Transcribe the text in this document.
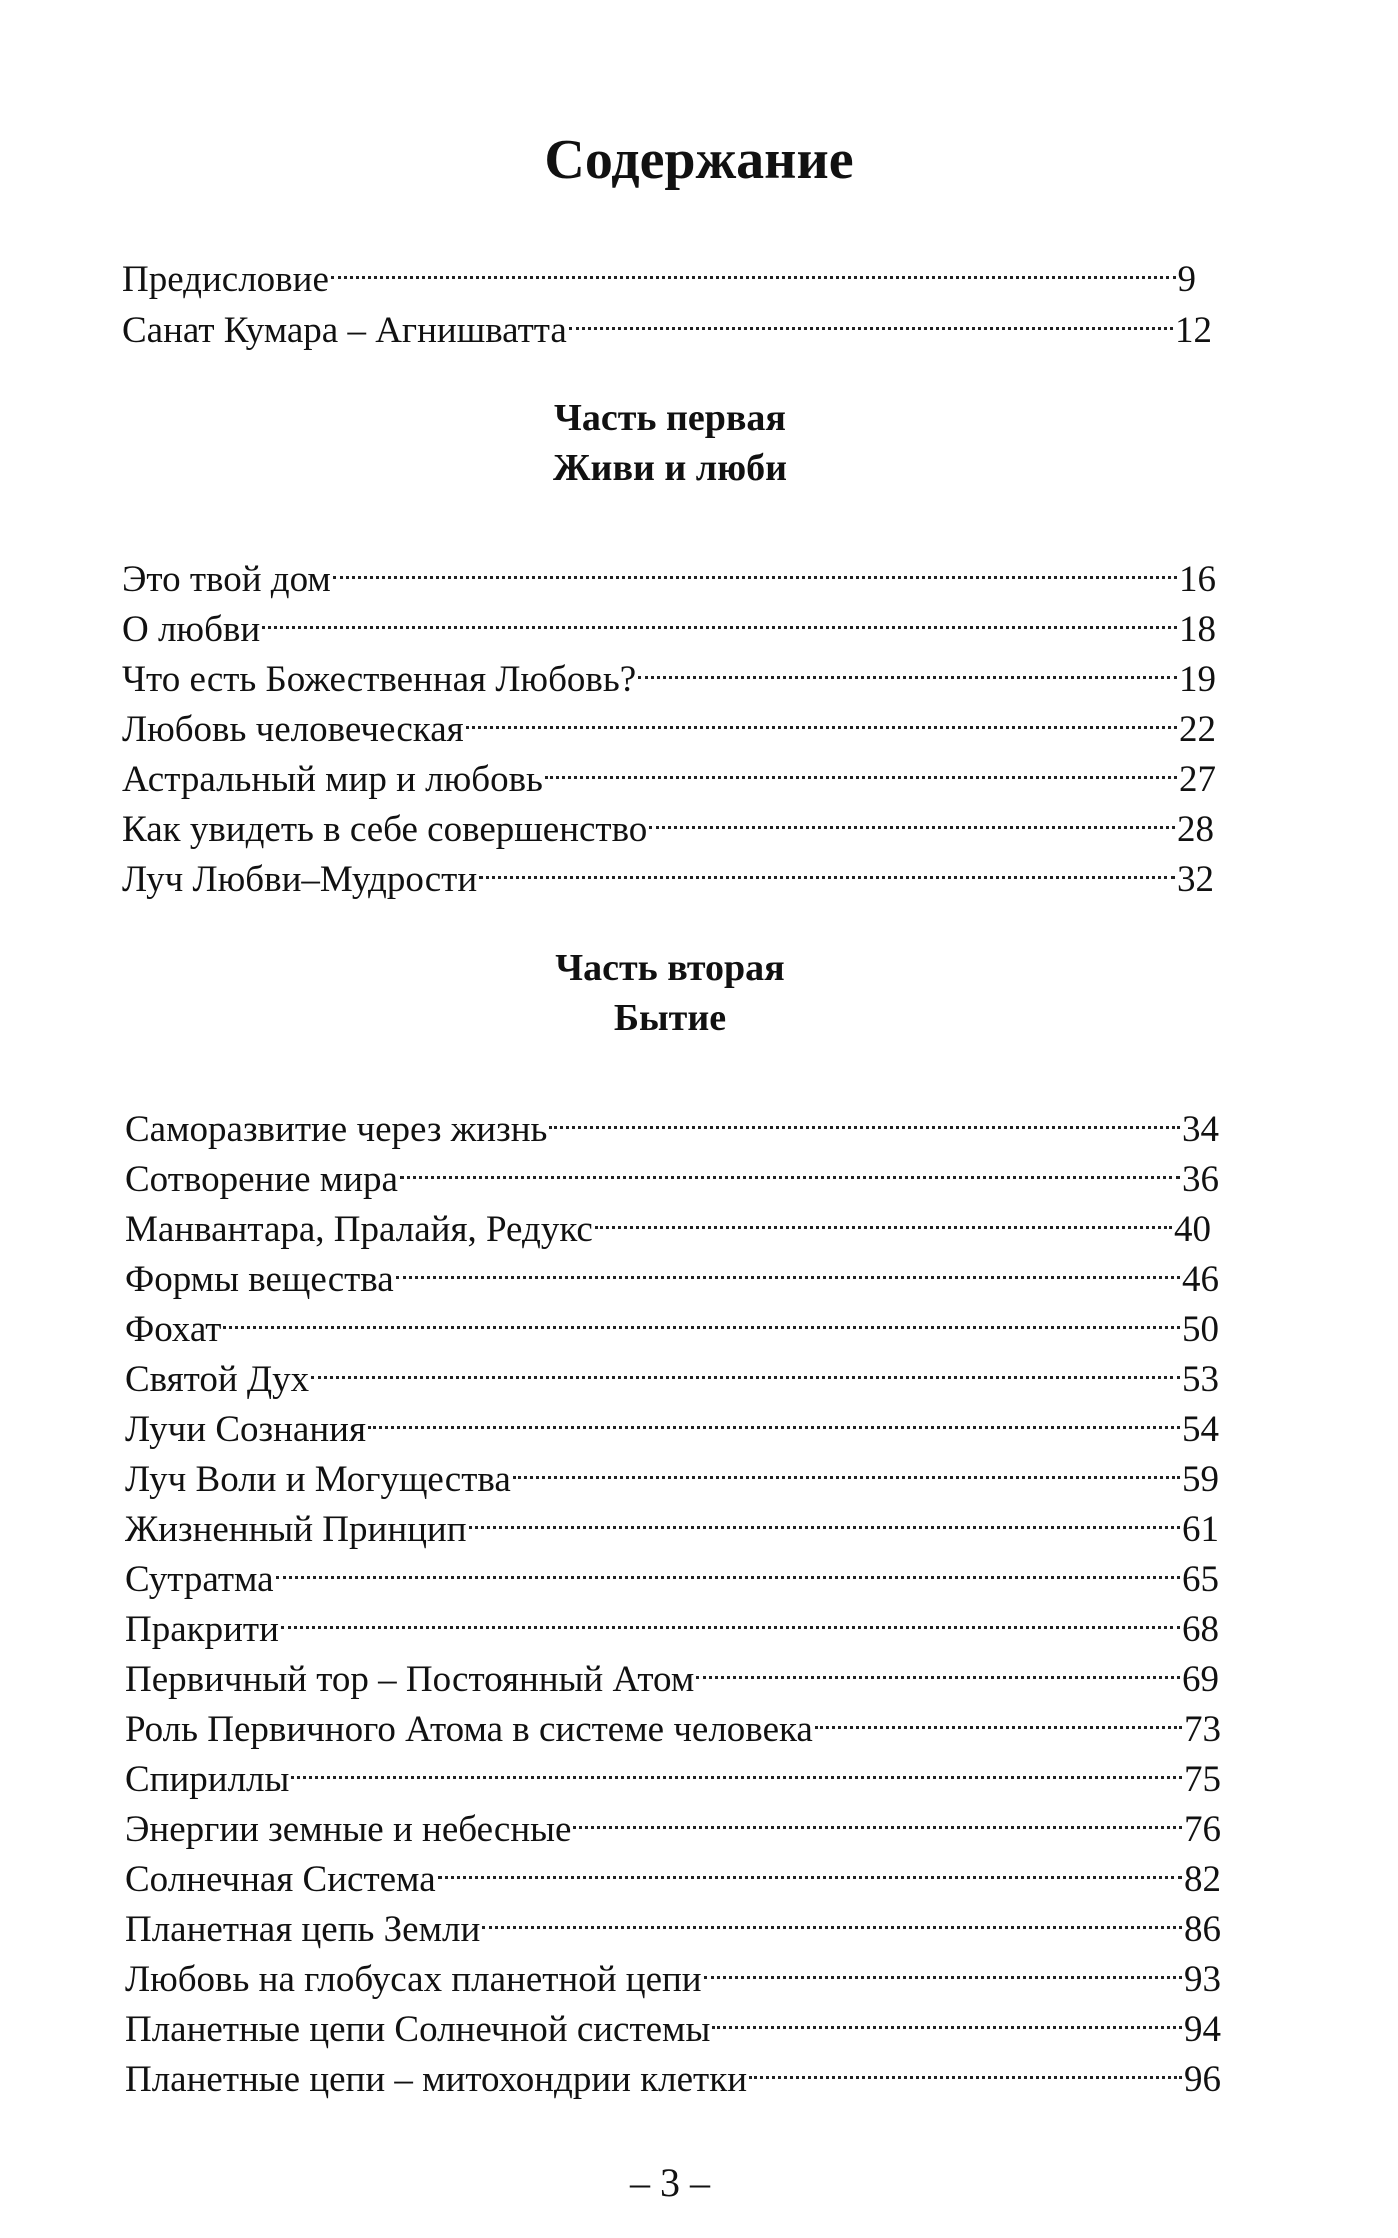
Содержание
Предисловие	9
Санат Кумара – Агнишватта	12
Часть первая
Живи и люби
Это твой дом	16
О любви	18
Что есть Божественная Любовь?	19
Любовь человеческая	22
Астральный мир и любовь	27
Как увидеть в себе совершенство	28
Луч Любви–Мудрости	32
Часть вторая
Бытие
Саморазвитие через жизнь	34
Сотворение мира	36
Манвантара, Пралайя, Редукс	40
Формы вещества	46
Фохат	50
Святой Дух	53
Лучи Сознания	54
Луч Воли и Могущества	59
Жизненный Принцип	61
Сутратма	65
Пракрити	68
Первичный тор – Постоянный Атом	69
Роль Первичного Атома в системе человека	73
Спириллы	75
Энергии земные и небесные	76
Солнечная Система	82
Планетная цепь Земли	86
Любовь на глобусах планетной цепи	93
Планетные цепи Солнечной системы	94
Планетные цепи – митохондрии клетки	96
– 3 –
